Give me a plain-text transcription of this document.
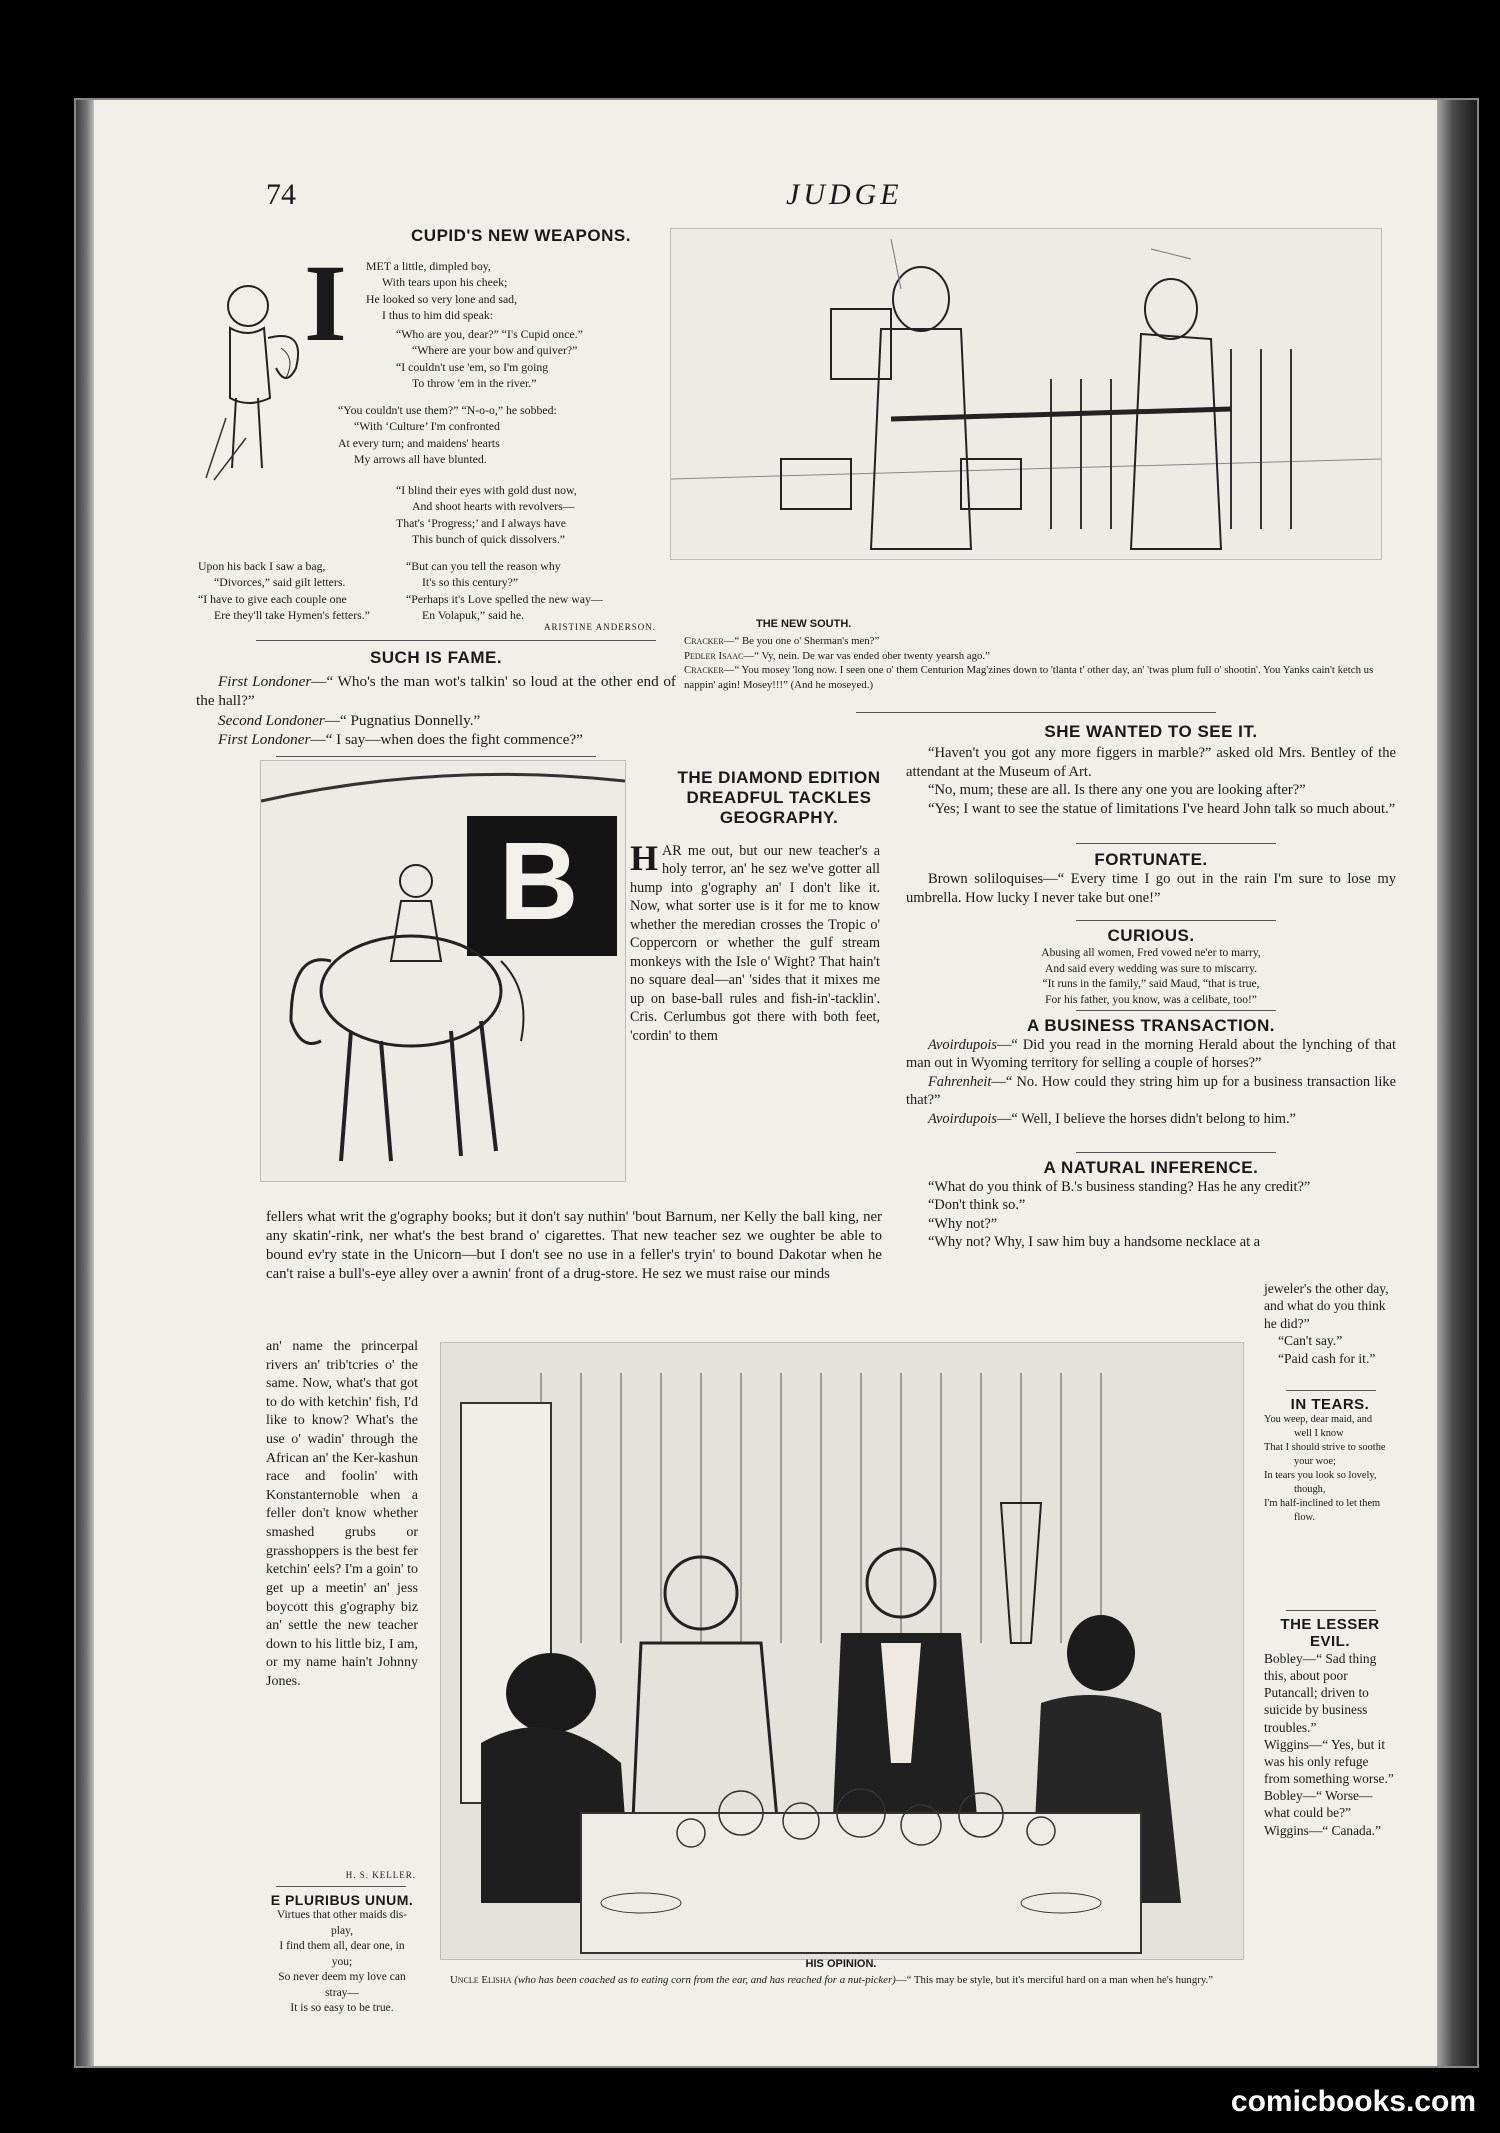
74	JUDGE
CUPID'S NEW WEAPONS.
I MET a little, dimpled boy,

With tears upon his cheek;

He looked so very lone and sad,

I thus to him did speak:

“Who are you, dear?” “I's Cupid once.”

“Where are your bow and quiver?”

“I couldn't use 'em, so I'm going

To throw 'em in the river.”

“You couldn't use them?” “N-o-o,” he sobbed:

“With ‘Culture’ I'm confronted

At every turn; and maidens' hearts

My arrows all have blunted.

“I blind their eyes with gold dust now,

And shoot hearts with revolvers—

That's ‘Progress;’ and I always have

This bunch of quick dissolvers.”

Upon his back I saw a bag,

“Divorces,” said gilt letters.

“I have to give each couple one

Ere they'll take Hymen's fetters.”

“But can you tell the reason why

It's so this century?”

“Perhaps it's Love spelled the new way—

En Volapuk,” said he.

ARISTINE ANDERSON.
SUCH IS FAME.

First Londoner—“ Who's the man wot's talkin' so loud at the other end of the hall?”

Second Londoner—“ Pugnatius Donnelly.”

First Londoner—“ I say—when does the fight commence?”

THE NEW SOUTH.

Cracker—“ Be you one o' Sherman's men?”

Pedler Isaac—“ Vy, nein. De war vas ended ober twenty yearsh ago.”

Cracker—“ You mosey 'long now. I seen one o' them Centurion Mag'zines down to 'tlanta t' other day, an' 'twas plum full o' shootin'. You Yanks cain't ketch us nappin' agin! Mosey!!!” (And he moseyed.)

B
THE DIAMOND EDITION
DREADFUL TACKLES
GEOGRAPHY.

HAR me out, but our new teacher's a holy terror, an' he sez we've gotter all hump into g'ography an' I don't like it. Now, what sorter use is it for me to know whether the meredian crosses the Tropic o' Coppercorn or whether the gulf stream monkeys with the Isle o' Wight? That hain't no square deal—an' 'sides that it mixes me up on base-ball rules and fish-in'-tacklin'. Cris. Cerlumbus got there with both feet, 'cordin' to them

fellers what writ the g'ography books; but it don't say nuthin' 'bout Barnum, ner Kelly the ball king, ner any skatin'-rink, ner what's the best brand o' cigarettes. That new teacher sez we oughter be able to bound ev'ry state in the Unicorn—but I don't see no use in a feller's tryin' to bound Dakotar when he can't raise a bull's-eye alley over a awnin' front of a drug-store. He sez we must raise our minds

an' name the princerpal rivers an' trib'tcries o' the same. Now, what's that got to do with ketchin' fish, I'd like to know? What's the use o' wadin' through the African an' the Ker-kashun race and foolin' with Konstanternoble when a feller don't know whether smashed grubs or grasshoppers is the best fer ketchin' eels? I'm a goin' to get up a meetin' an' jess boycott this g'ography biz an' settle the new teacher down to his little biz, I am, or my name hain't Johnny Jones.

H. S. KELLER.
E PLURIBUS UNUM.

Virtues that other maids dis-

play,

I find them all, dear one, in

you;

So never deem my love can

stray—

It is so easy to be true.

SHE WANTED TO SEE IT.

“Haven't you got any more figgers in marble?” asked old Mrs. Bentley of the attendant at the Museum of Art.

“No, mum; these are all. Is there any one you are looking after?”

“Yes; I want to see the statue of limitations I've heard John talk so much about.”

FORTUNATE.

Brown soliloquises—“ Every time I go out in the rain I'm sure to lose my umbrella. How lucky I never take but one!”

CURIOUS.

Abusing all women, Fred vowed ne'er to marry,

And said every wedding was sure to miscarry.

“It runs in the family,” said Maud, “that is true,

For his father, you know, was a celibate, too!”

A BUSINESS TRANSACTION.

Avoirdupois—“ Did you read in the morning Herald about the lynching of that man out in Wyoming territory for selling a couple of horses?”

Fahrenheit—“ No. How could they string him up for a business transaction like that?”

Avoirdupois—“ Well, I believe the horses didn't belong to him.”

A NATURAL INFERENCE.

“What do you think of B.'s business standing? Has he any credit?”

“Don't think so.”

“Why not?”

“Why not? Why, I saw him buy a handsome necklace at a

jeweler's the other day, and what do you think he did?”

“Can't say.”

“Paid cash for it.”

IN TEARS.

You weep, dear maid, and

well I know

That I should strive to soothe

your woe;

In tears you look so lovely,

though,

I'm half-inclined to let them

flow.

THE LESSER EVIL.

Bobley—“ Sad thing this, about poor Putancall; driven to suicide by business troubles.”

Wiggins—“ Yes, but it was his only refuge from something worse.”

Bobley—“ Worse—what could be?”

Wiggins—“ Canada.”

HIS OPINION.

Uncle Elisha (who has been coached as to eating corn from the ear, and has reached for a nut-picker)—“ This may be style, but it's merciful hard on a man when he's hungry.”

comicbooks.com
